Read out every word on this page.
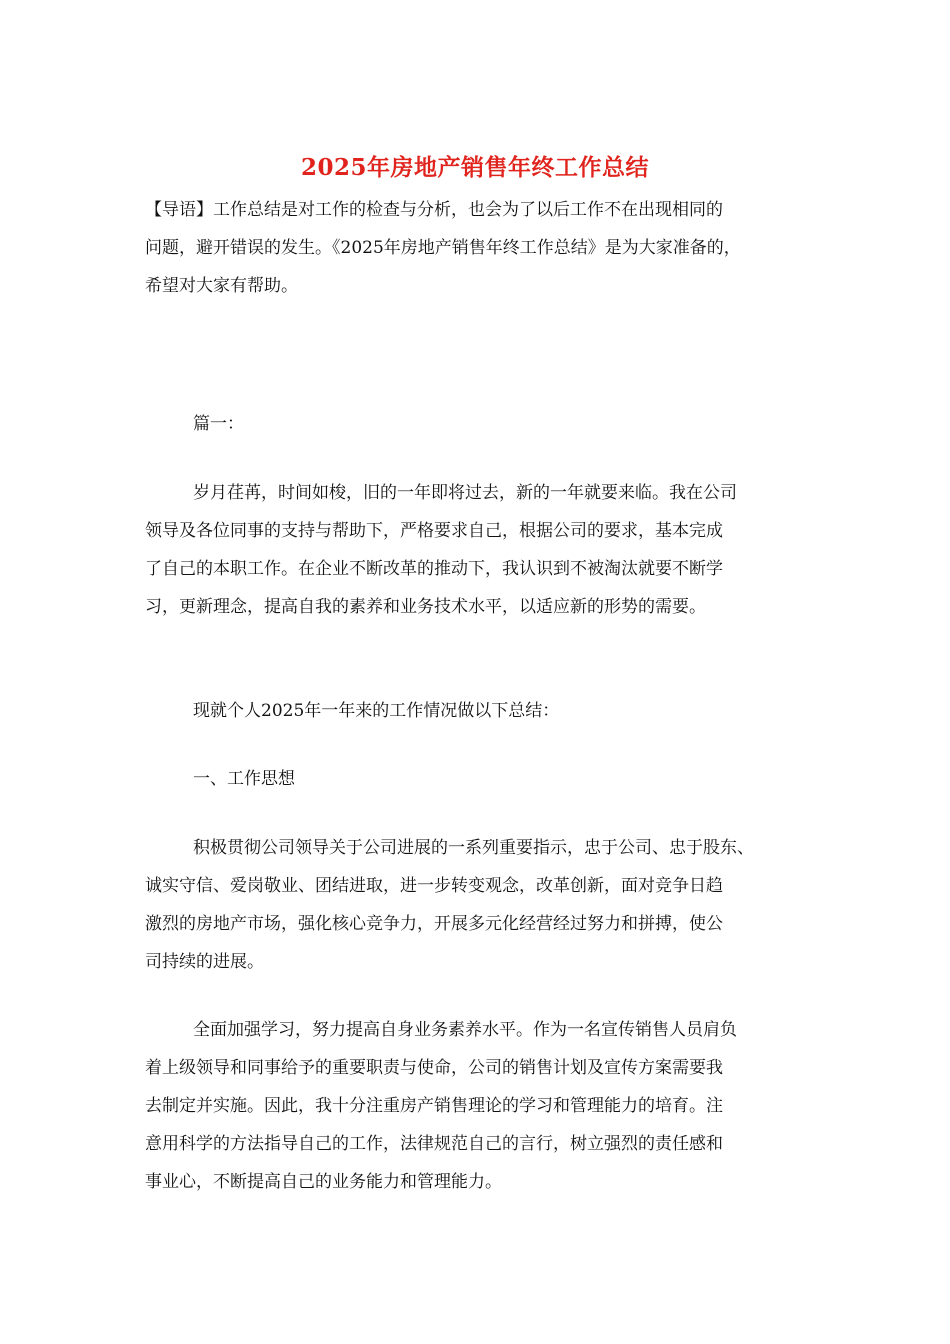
2025年房地产销售年终工作总结
【导语】工作总结是对工作的检查与分析，也会为了以后工作不在出现相同的
问题，避开错误的发生。《2025年房地产销售年终工作总结》是为大家准备的，
希望对大家有帮助。
篇一：
岁月荏苒，时间如梭，旧的一年即将过去，新的一年就要来临。我在公司
领导及各位同事的支持与帮助下，严格要求自己，根据公司的要求，基本完成
了自己的本职工作。在企业不断改革的推动下，我认识到不被淘汰就要不断学
习，更新理念，提高自我的素养和业务技术水平，以适应新的形势的需要。
现就个人2025年一年来的工作情况做以下总结：
一、工作思想
积极贯彻公司领导关于公司进展的一系列重要指示，忠于公司、忠于股东、
诚实守信、爱岗敬业、团结进取，进一步转变观念，改革创新，面对竞争日趋
激烈的房地产市场，强化核心竞争力，开展多元化经营经过努力和拼搏，使公
司持续的进展。
全面加强学习，努力提高自身业务素养水平。作为一名宣传销售人员肩负
着上级领导和同事给予的重要职责与使命，公司的销售计划及宣传方案需要我
去制定并实施。因此，我十分注重房产销售理论的学习和管理能力的培育。注
意用科学的方法指导自己的工作，法律规范自己的言行，树立强烈的责任感和
事业心，不断提高自己的业务能力和管理能力。
